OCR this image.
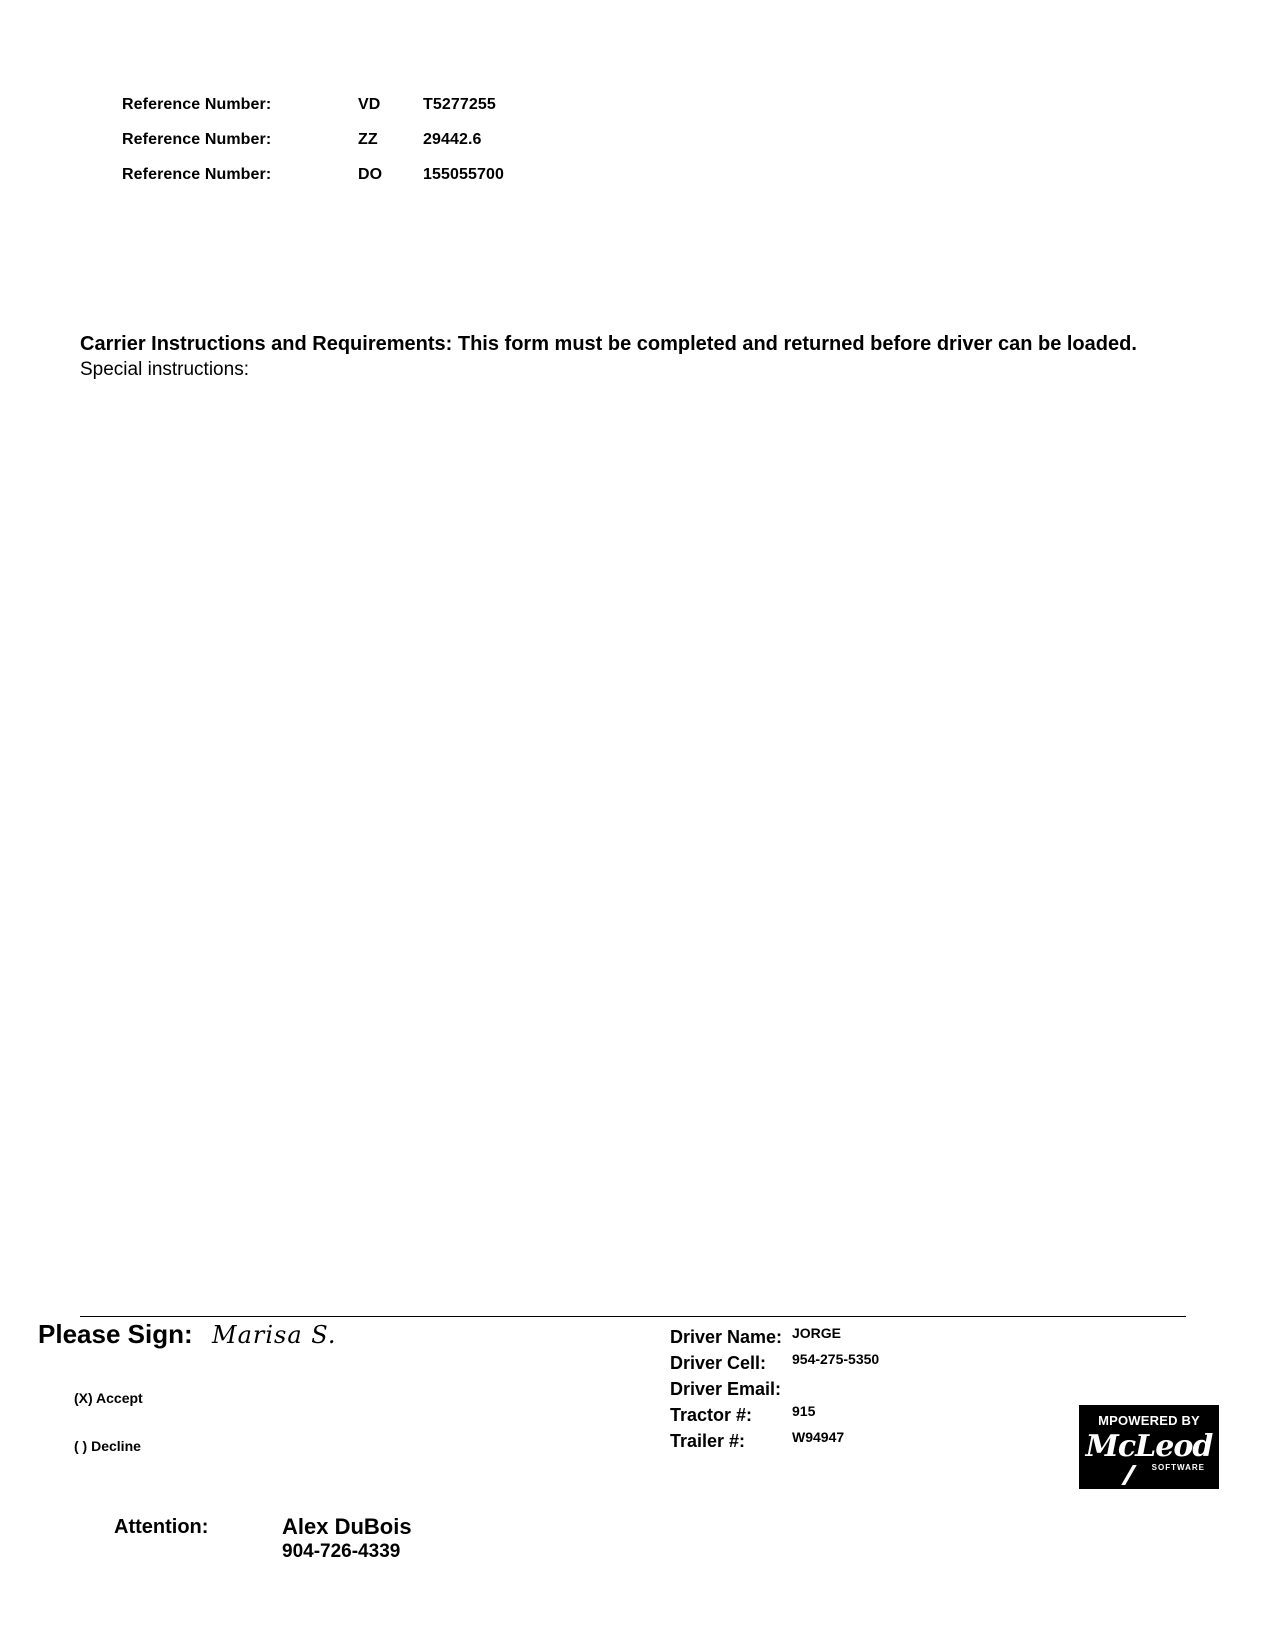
Reference Number:	VD	T5277255
Reference Number:	ZZ	29442.6
Reference Number:	DO	155055700
Carrier Instructions and Requirements: This form must be completed and returned before driver can be loaded.
Special instructions:
Please Sign: Marisa S.
(X) Accept
( ) Decline
Driver Name: JORGE
Driver Cell: 954-275-5350
Driver Email:
Tractor #:	915
Trailer #:	W94947
MPOWERED BY
McLeod
SOFTWARE
Attention:	Alex DuBois
904-726-4339
